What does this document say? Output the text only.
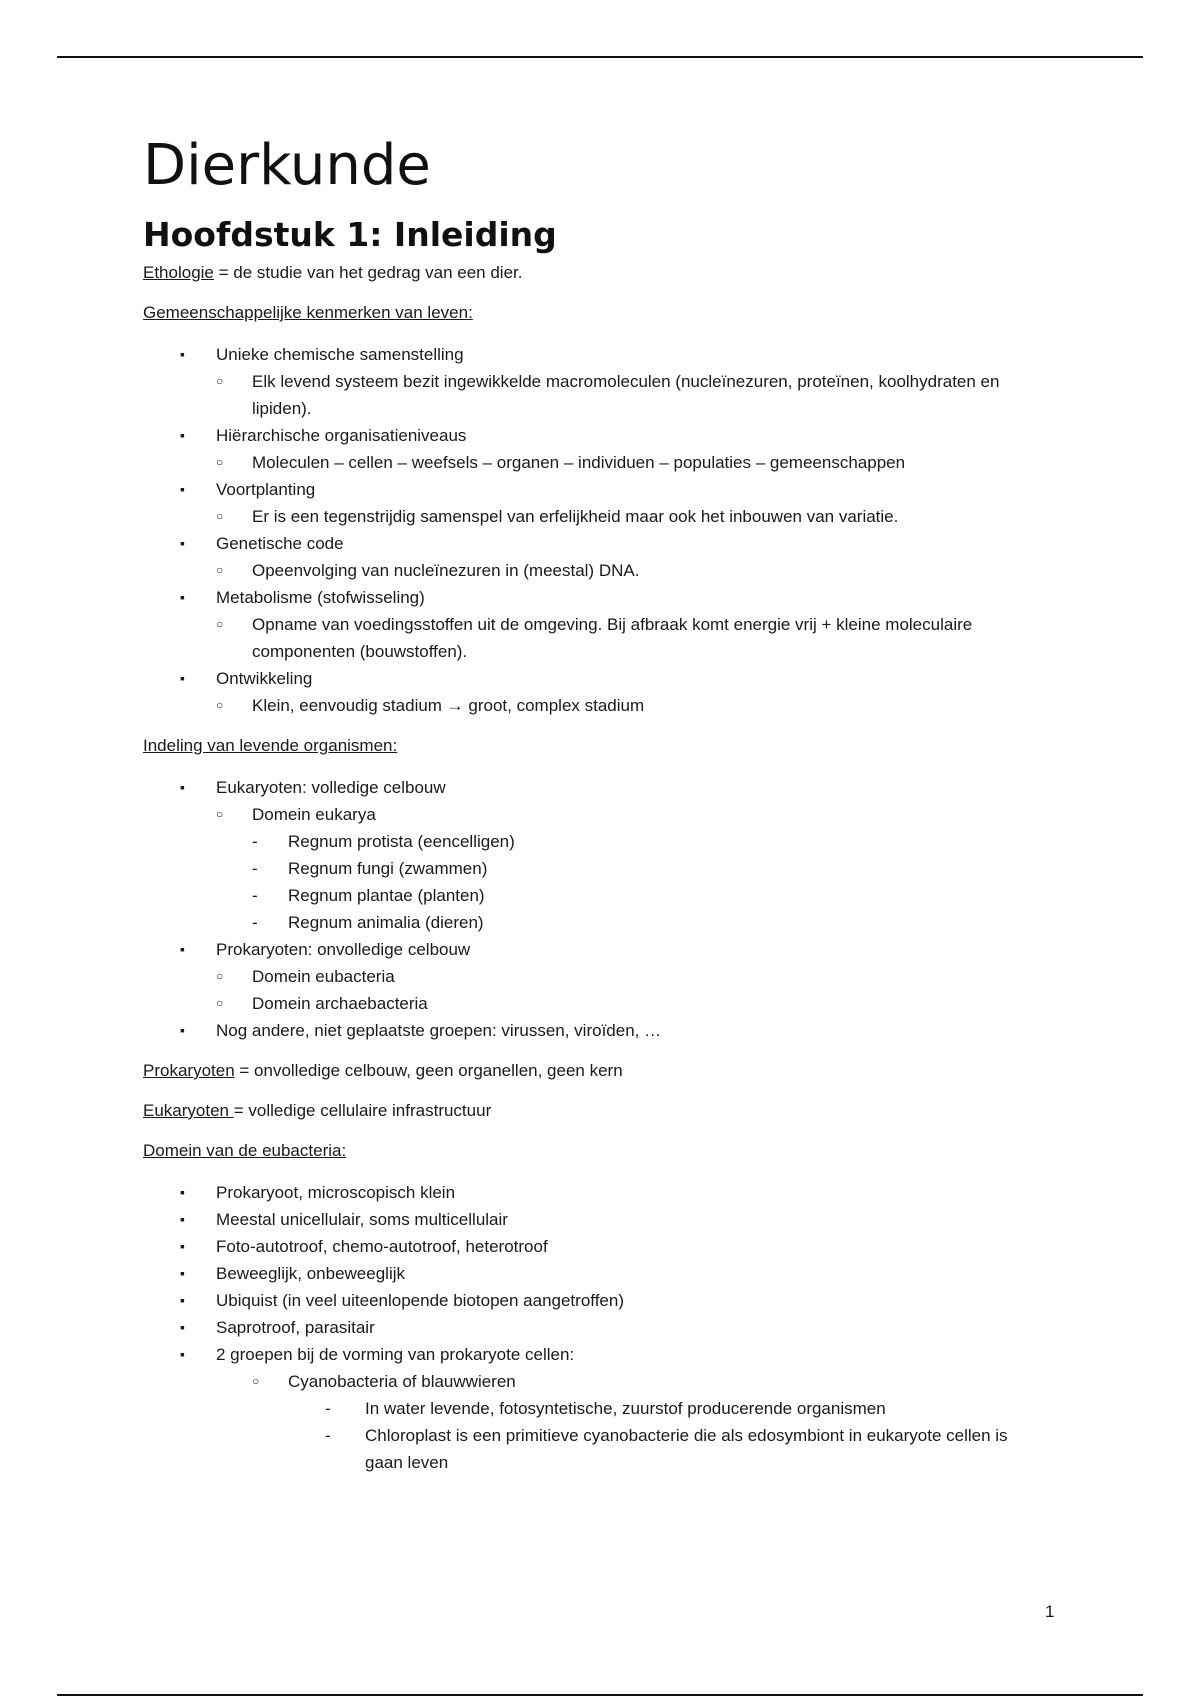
Dierkunde
Hoofdstuk 1: Inleiding

Ethologie = de studie van het gedrag van een dier.

Gemeenschappelijke kenmerken van leven:

▪ Unieke chemische samenstelling
○ Elk levend systeem bezit ingewikkelde macromoleculen (nucleïnezuren, proteïnen, koolhydraten en lipiden).
▪ Hiërarchische organisatieniveaus
○ Moleculen – cellen – weefsels – organen – individuen – populaties – gemeenschappen
▪ Voortplanting
○ Er is een tegenstrijdig samenspel van erfelijkheid maar ook het inbouwen van variatie.
▪ Genetische code
○ Opeenvolging van nucleïnezuren in (meestal) DNA.
▪ Metabolisme (stofwisseling)
○ Opname van voedingsstoffen uit de omgeving. Bij afbraak komt energie vrij + kleine moleculaire componenten (bouwstoffen).
▪ Ontwikkeling
○ Klein, eenvoudig stadium → groot, complex stadium

Indeling van levende organismen:

▪ Eukaryoten: volledige celbouw
○ Domein eukarya
- Regnum protista (eencelligen)
- Regnum fungi (zwammen)
- Regnum plantae (planten)
- Regnum animalia (dieren)
▪ Prokaryoten: onvolledige celbouw
○ Domein eubacteria
○ Domein archaebacteria
▪ Nog andere, niet geplaatste groepen: virussen, viroïden, …

Prokaryoten = onvolledige celbouw, geen organellen, geen kern

Eukaryoten = volledige cellulaire infrastructuur

Domein van de eubacteria:

▪ Prokaryoot, microscopisch klein
▪ Meestal unicellulair, soms multicellulair
▪ Foto-autotroof, chemo-autotroof, heterotroof
▪ Beweeglijk, onbeweeglijk
▪ Ubiquist (in veel uiteenlopende biotopen aangetroffen)
▪ Saprotroof, parasitair
▪ 2 groepen bij de vorming van prokaryote cellen:
○ Cyanobacteria of blauwwieren
- In water levende, fotosyntetische, zuurstof producerende organismen
- Chloroplast is een primitieve cyanobacterie die als edosymbiont in eukaryote cellen is gaan leven
1
